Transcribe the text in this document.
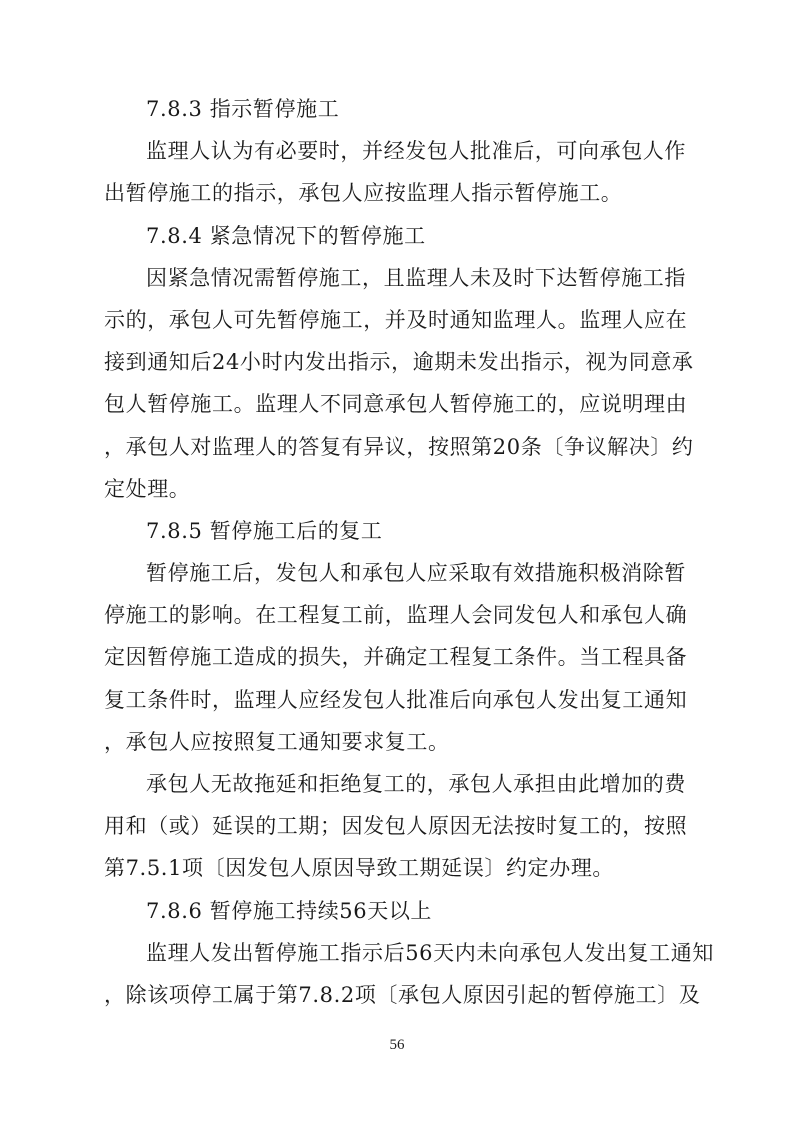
7.8.3 指示暂停施工
监理人认为有必要时，并经发包人批准后，可向承包人作
出暂停施工的指示，承包人应按监理人指示暂停施工。
7.8.4 紧急情况下的暂停施工
因紧急情况需暂停施工，且监理人未及时下达暂停施工指
示的，承包人可先暂停施工，并及时通知监理人。监理人应在
接到通知后24小时内发出指示，逾期未发出指示，视为同意承
包人暂停施工。监理人不同意承包人暂停施工的，应说明理由
，承包人对监理人的答复有异议，按照第20条〔争议解决〕约
定处理。
7.8.5 暂停施工后的复工
暂停施工后，发包人和承包人应采取有效措施积极消除暂
停施工的影响。在工程复工前，监理人会同发包人和承包人确
定因暂停施工造成的损失，并确定工程复工条件。当工程具备
复工条件时，监理人应经发包人批准后向承包人发出复工通知
，承包人应按照复工通知要求复工。
承包人无故拖延和拒绝复工的，承包人承担由此增加的费
用和（或）延误的工期；因发包人原因无法按时复工的，按照
第7.5.1项〔因发包人原因导致工期延误〕约定办理。
7.8.6 暂停施工持续56天以上
监理人发出暂停施工指示后56天内未向承包人发出复工通知
，除该项停工属于第7.8.2项〔承包人原因引起的暂停施工〕及
56
